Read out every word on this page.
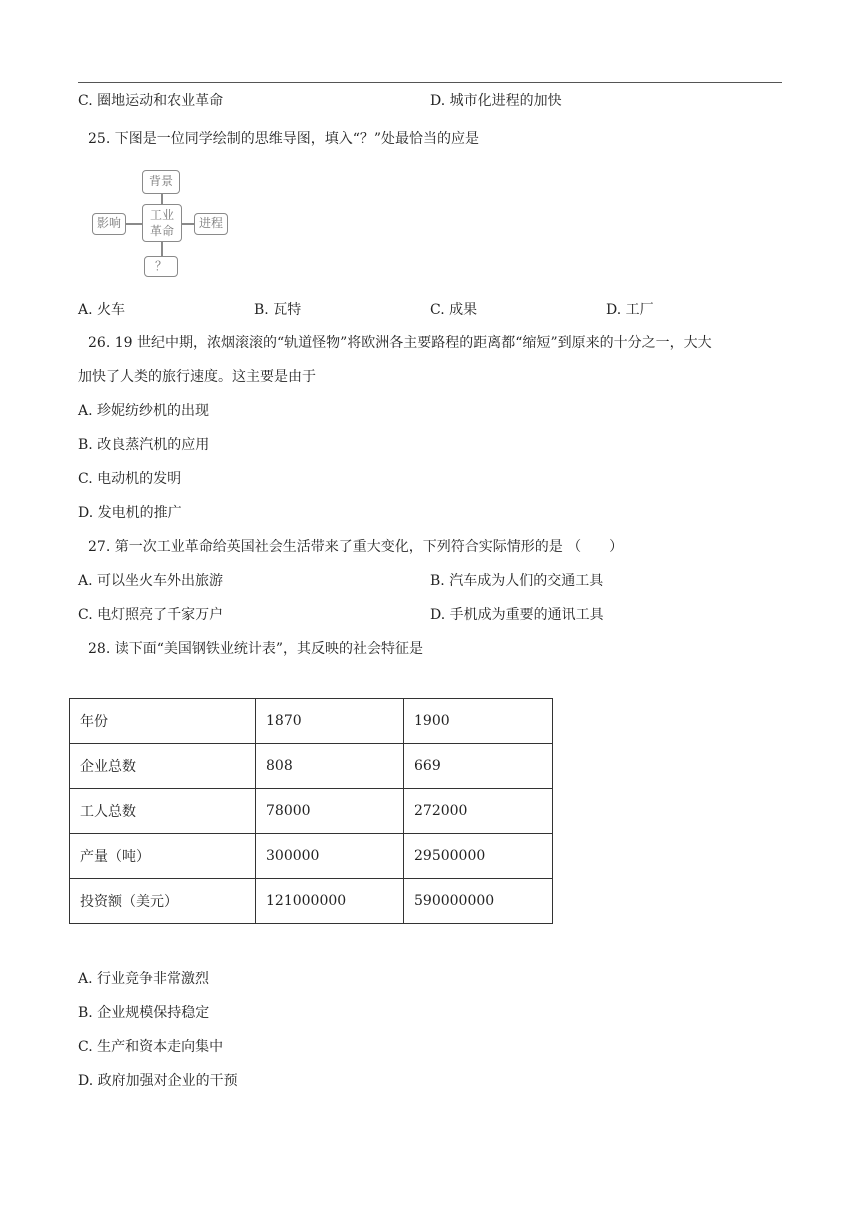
C. 圈地运动和农业革命	D. 城市化进程的加快
25. 下图是一位同学绘制的思维导图，填入“？”处最恰当的应是
背景
影响
工业
革命
进程
？
A. 火车	B. 瓦特	C. 成果	D. 工厂
26. 19 世纪中期，浓烟滚滚的“轨道怪物”将欧洲各主要路程的距离都“缩短”到原来的十分之一，大大
加快了人类的旅行速度。这主要是由于
A. 珍妮纺纱机的出现
B. 改良蒸汽机的应用
C. 电动机的发明
D. 发电机的推广
27. 第一次工业革命给英国社会生活带来了重大变化，下列符合实际情形的是 （　　）
A. 可以坐火车外出旅游	B. 汽车成为人们的交通工具
C. 电灯照亮了千家万户	D. 手机成为重要的通讯工具
28. 读下面“美国钢铁业统计表”，其反映的社会特征是
年份	1870	1900
企业总数	808	669
工人总数	78000	272000
产量（吨）	300000	29500000
投资额（美元）	121000000	590000000
A. 行业竞争非常激烈
B. 企业规模保持稳定
C. 生产和资本走向集中
D. 政府加强对企业的干预
